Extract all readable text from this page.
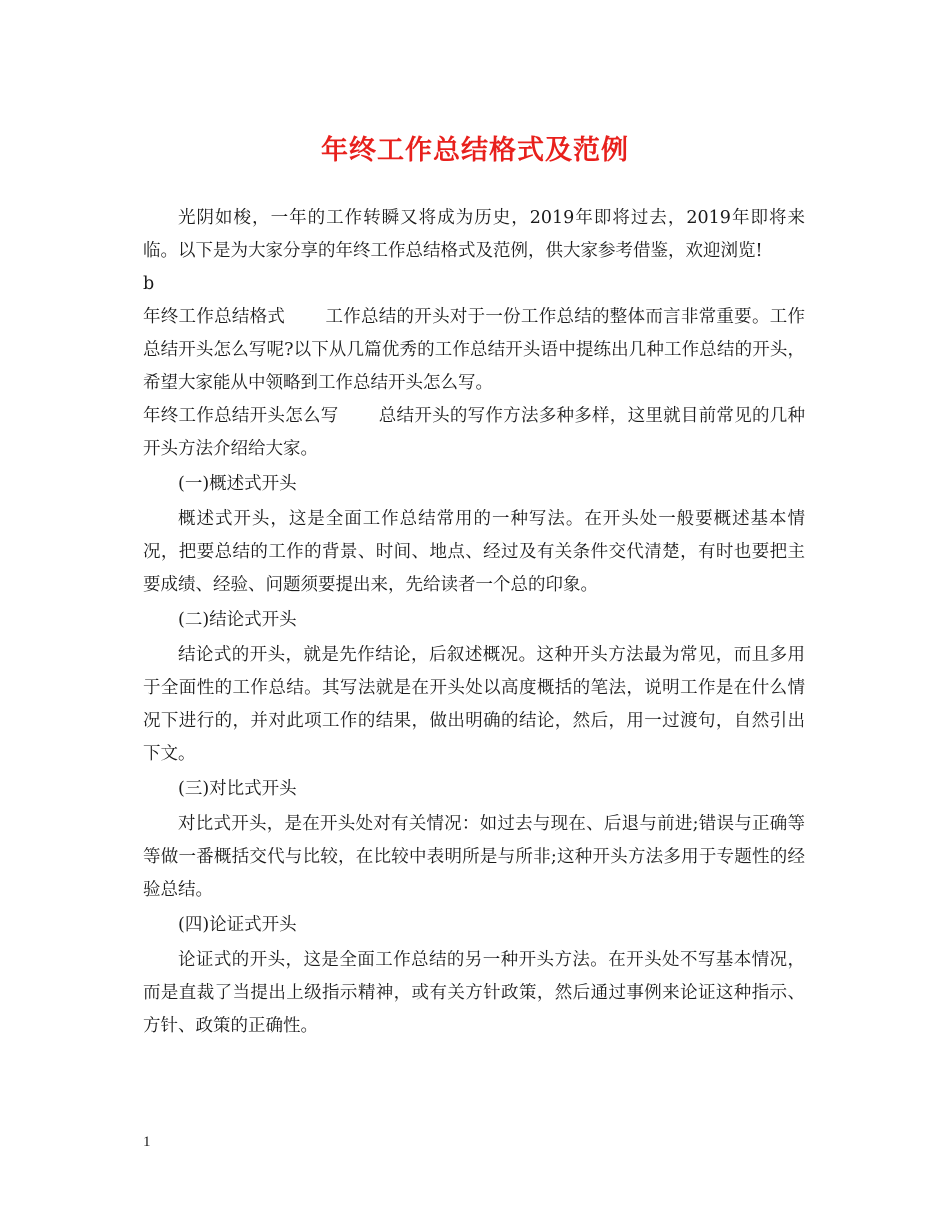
年终工作总结格式及范例

光阴如梭，一年的工作转瞬又将成为历史，2019年即将过去，2019年即将来临。以下是为大家分享的年终工作总结格式及范例，供大家参考借鉴，欢迎浏览!

b

年终工作总结格式 工作总结的开头对于一份工作总结的整体而言非常重要。工作总结开头怎么写呢?以下从几篇优秀的工作总结开头语中提练出几种工作总结的开头，希望大家能从中领略到工作总结开头怎么写。

年终工作总结开头怎么写 总结开头的写作方法多种多样，这里就目前常见的几种开头方法介绍给大家。

(一)概述式开头

概述式开头，这是全面工作总结常用的一种写法。在开头处一般要概述基本情况，把要总结的工作的背景、时间、地点、经过及有关条件交代清楚，有时也要把主要成绩、经验、问题须要提出来，先给读者一个总的印象。

(二)结论式开头

结论式的开头，就是先作结论，后叙述概况。这种开头方法最为常见，而且多用于全面性的工作总结。其写法就是在开头处以高度概括的笔法，说明工作是在什么情况下进行的，并对此项工作的结果，做出明确的结论，然后，用一过渡句，自然引出下文。

(三)对比式开头

对比式开头，是在开头处对有关情况：如过去与现在、后退与前进;错误与正确等等做一番概括交代与比较，在比较中表明所是与所非;这种开头方法多用于专题性的经验总结。

(四)论证式开头

论证式的开头，这是全面工作总结的另一种开头方法。在开头处不写基本情况，而是直裁了当提出上级指示精神，或有关方针政策，然后通过事例来论证这种指示、方针、政策的正确性。

1
